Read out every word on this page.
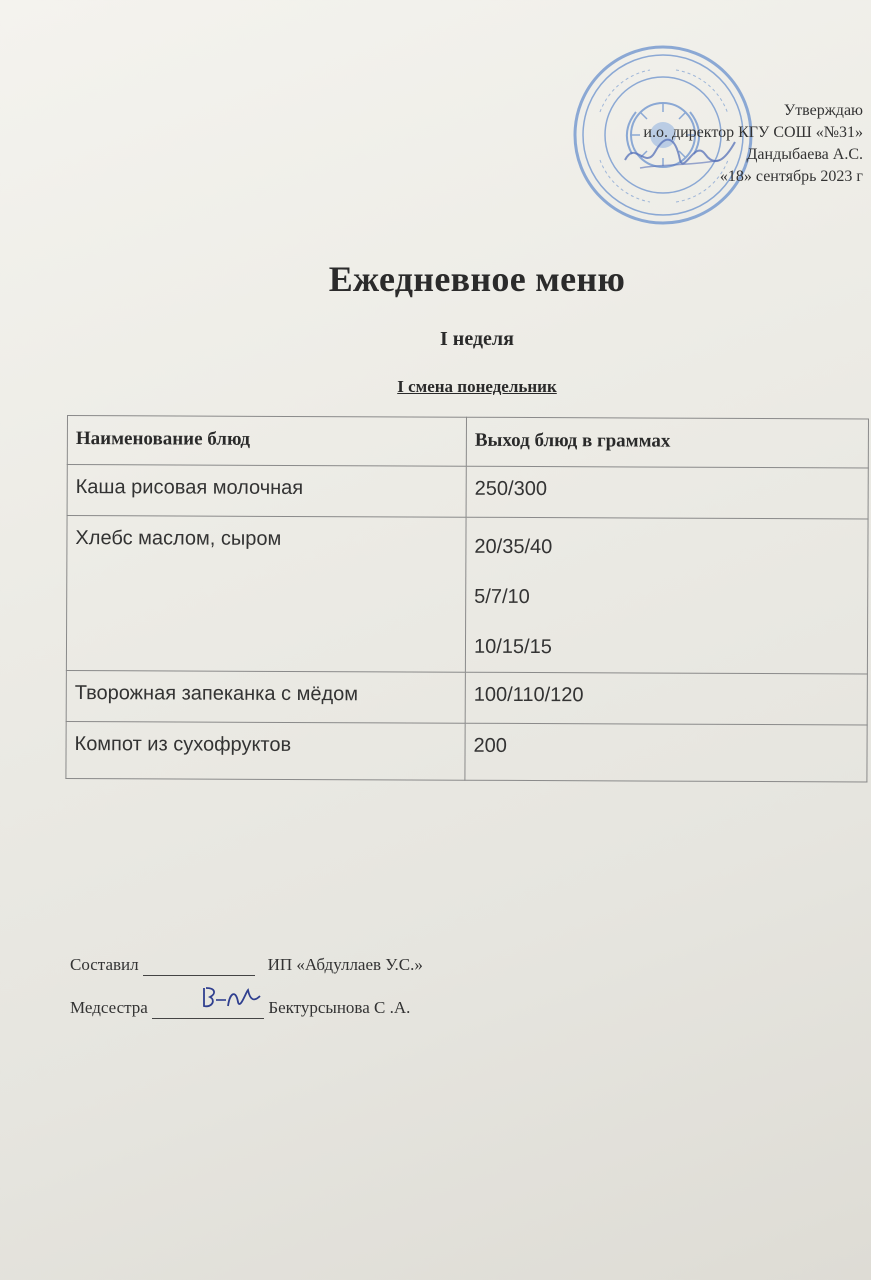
Утверждаю
и.о. директор КГУ СОШ «№31»
Дандыбаева А.С.
«18» сентябрь 2023 г
Ежедневное меню
I неделя
I смена понедельник
Наименование блюд	Выход блюд в граммах
Каша рисовая молочная	250/300
Хлебс маслом, сыром	20/35/40
5/7/10
10/15/15

Творожная запеканка с мёдом	100/110/120
Компот из сухофруктов	200
Составил	ИП «Абдуллаев У.С.»
Медсестра	Бектурсынова С .А.
